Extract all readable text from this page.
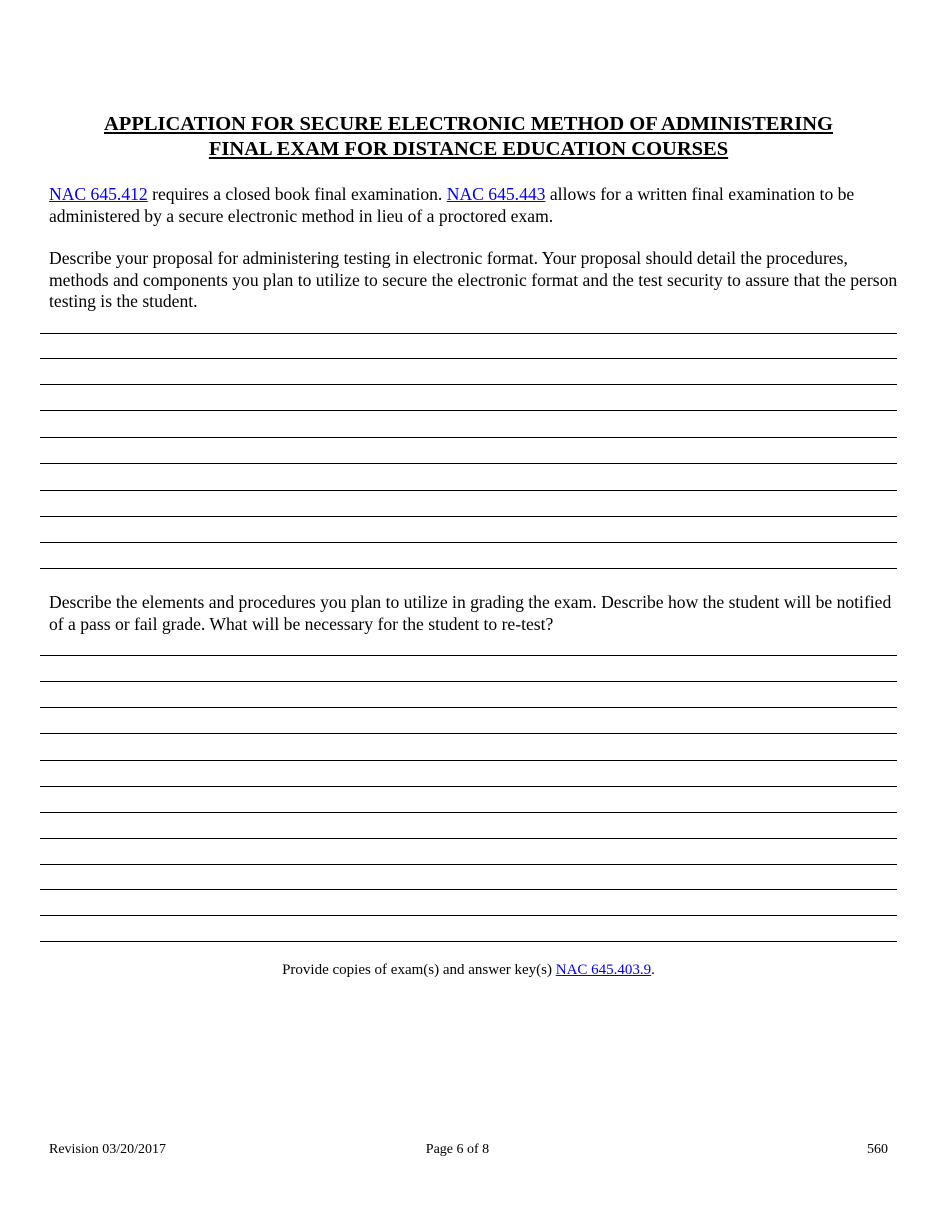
APPLICATION FOR SECURE ELECTRONIC METHOD OF ADMINISTERING
FINAL EXAM FOR DISTANCE EDUCATION COURSES
NAC 645.412 requires a closed book final examination. NAC 645.443 allows for a written final examination to be administered by a secure electronic method in lieu of a proctored exam.
Describe your proposal for administering testing in electronic format. Your proposal should detail the procedures, methods and components you plan to utilize to secure the electronic format and the test security to assure that the person testing is the student.
Describe the elements and procedures you plan to utilize in grading the exam. Describe how the student will be notified of a pass or fail grade. What will be necessary for the student to re-test?
Provide copies of exam(s) and answer key(s) NAC 645.403.9.
Revision 03/20/2017	Page 6 of 8	560
